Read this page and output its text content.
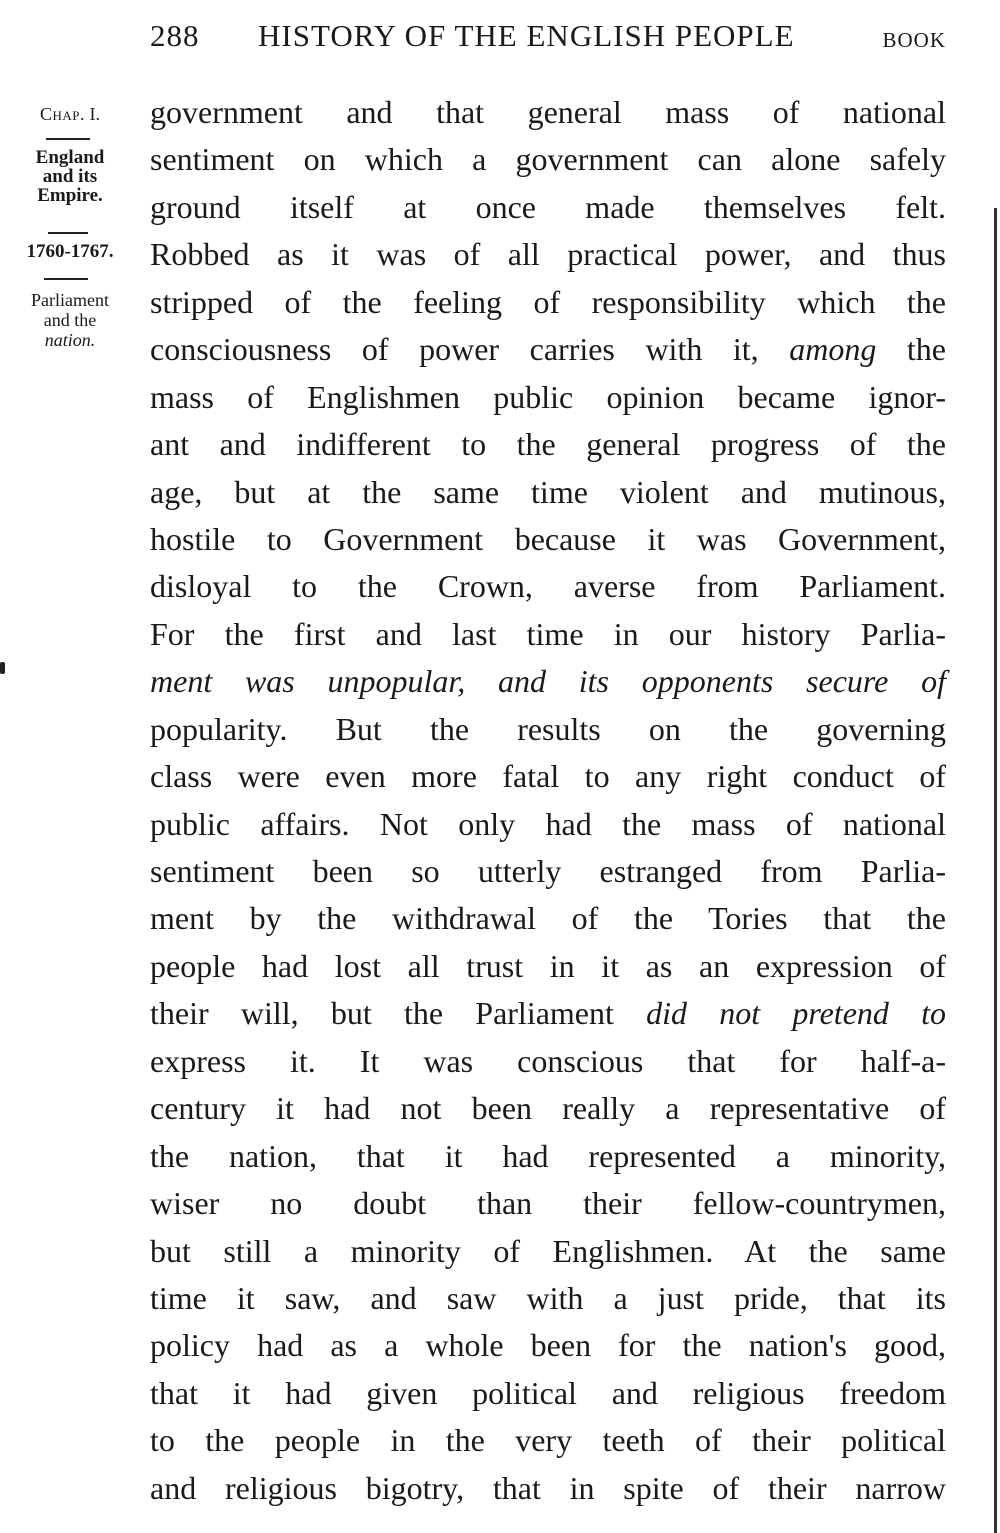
288 HISTORY OF THE ENGLISH PEOPLE	BOOK
Chap. I.
England
and its
Empire.
1760-1767.
Parliament
and the
nation.
government and that general mass of national
sentiment on which a government can alone safely
ground itself at once made themselves felt.
Robbed as it was of all practical power, and thus
stripped of the feeling of responsibility which the
consciousness of power carries with it, among the
mass of Englishmen public opinion became ignor-
ant and indifferent to the general progress of the
age, but at the same time violent and mutinous,
hostile to Government because it was Government,
disloyal to the Crown, averse from Parliament.
For the first and last time in our history Parlia-
ment was unpopular, and its opponents secure of
popularity. But the results on the governing
class were even more fatal to any right conduct of
public affairs. Not only had the mass of national
sentiment been so utterly estranged from Parlia-
ment by the withdrawal of the Tories that the
people had lost all trust in it as an expression of
their will, but the Parliament did not pretend to
express it. It was conscious that for half-a-
century it had not been really a representative of
the nation, that it had represented a minority,
wiser no doubt than their fellow-countrymen,
but still a minority of Englishmen. At the same
time it saw, and saw with a just pride, that its
policy had as a whole been for the nation's good,
that it had given political and religious freedom
to the people in the very teeth of their political
and religious bigotry, that in spite of their narrow
